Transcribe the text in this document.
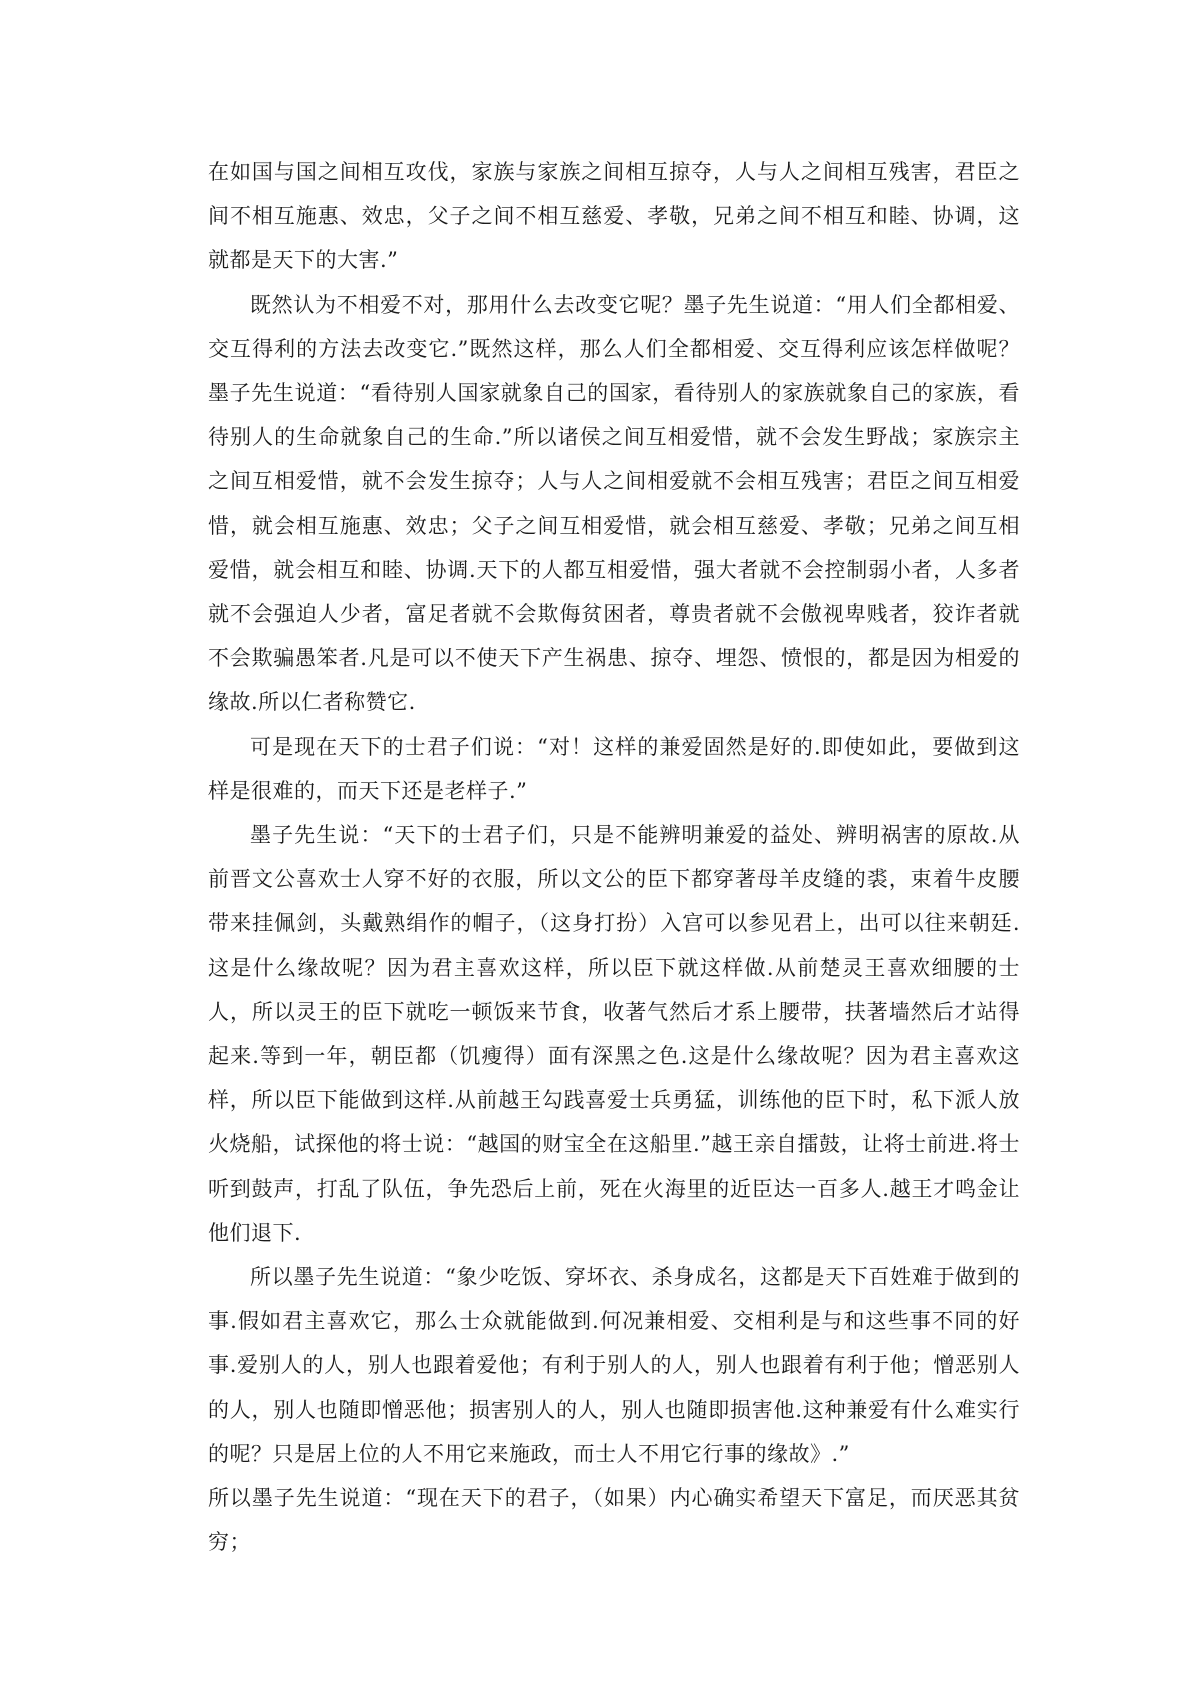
在如国与国之间相互攻伐，家族与家族之间相互掠夺，人与人之间相互残害，君臣之间不相互施惠、效忠，父子之间不相互慈爱、孝敬，兄弟之间不相互和睦、协调，这就都是天下的大害.”

既然认为不相爱不对，那用什么去改变它呢？墨子先生说道：“用人们全都相爱、交互得利的方法去改变它.”既然这样，那么人们全都相爱、交互得利应该怎样做呢？墨子先生说道：“看待别人国家就象自己的国家，看待别人的家族就象自己的家族，看待别人的生命就象自己的生命.”所以诸侯之间互相爱惜，就不会发生野战；家族宗主之间互相爱惜，就不会发生掠夺；人与人之间相爱就不会相互残害；君臣之间互相爱惜，就会相互施惠、效忠；父子之间互相爱惜，就会相互慈爱、孝敬；兄弟之间互相爱惜，就会相互和睦、协调.天下的人都互相爱惜，强大者就不会控制弱小者，人多者就不会强迫人少者，富足者就不会欺侮贫困者，尊贵者就不会傲视卑贱者，狡诈者就不会欺骗愚笨者.凡是可以不使天下产生祸患、掠夺、埋怨、愤恨的，都是因为相爱的缘故.所以仁者称赞它.

可是现在天下的士君子们说：“对！这样的兼爱固然是好的.即使如此，要做到这样是很难的，而天下还是老样子.”

墨子先生说：“天下的士君子们，只是不能辨明兼爱的益处、辨明祸害的原故.从前晋文公喜欢士人穿不好的衣服，所以文公的臣下都穿著母羊皮缝的裘，束着牛皮腰带来挂佩剑，头戴熟绢作的帽子，（这身打扮）入宫可以参见君上，出可以往来朝廷.这是什么缘故呢？因为君主喜欢这样，所以臣下就这样做.从前楚灵王喜欢细腰的士人，所以灵王的臣下就吃一顿饭来节食，收著气然后才系上腰带，扶著墙然后才站得起来.等到一年，朝臣都（饥瘦得）面有深黑之色.这是什么缘故呢？因为君主喜欢这样，所以臣下能做到这样.从前越王勾践喜爱士兵勇猛，训练他的臣下时，私下派人放火烧船，试探他的将士说：“越国的财宝全在这船里.”越王亲自擂鼓，让将士前进.将士听到鼓声，打乱了队伍，争先恐后上前，死在火海里的近臣达一百多人.越王才鸣金让他们退下.

所以墨子先生说道：“象少吃饭、穿坏衣、杀身成名，这都是天下百姓难于做到的事.假如君主喜欢它，那么士众就能做到.何况兼相爱、交相利是与和这些事不同的好事.爱别人的人，别人也跟着爱他；有利于别人的人，别人也跟着有利于他；憎恶别人的人，别人也随即憎恶他；损害别人的人，别人也随即损害他.这种兼爱有什么难实行的呢？只是居上位的人不用它来施政，而士人不用它行事的缘故》.”

所以墨子先生说道：“现在天下的君子，（如果）内心确实希望天下富足，而厌恶其贫穷；
